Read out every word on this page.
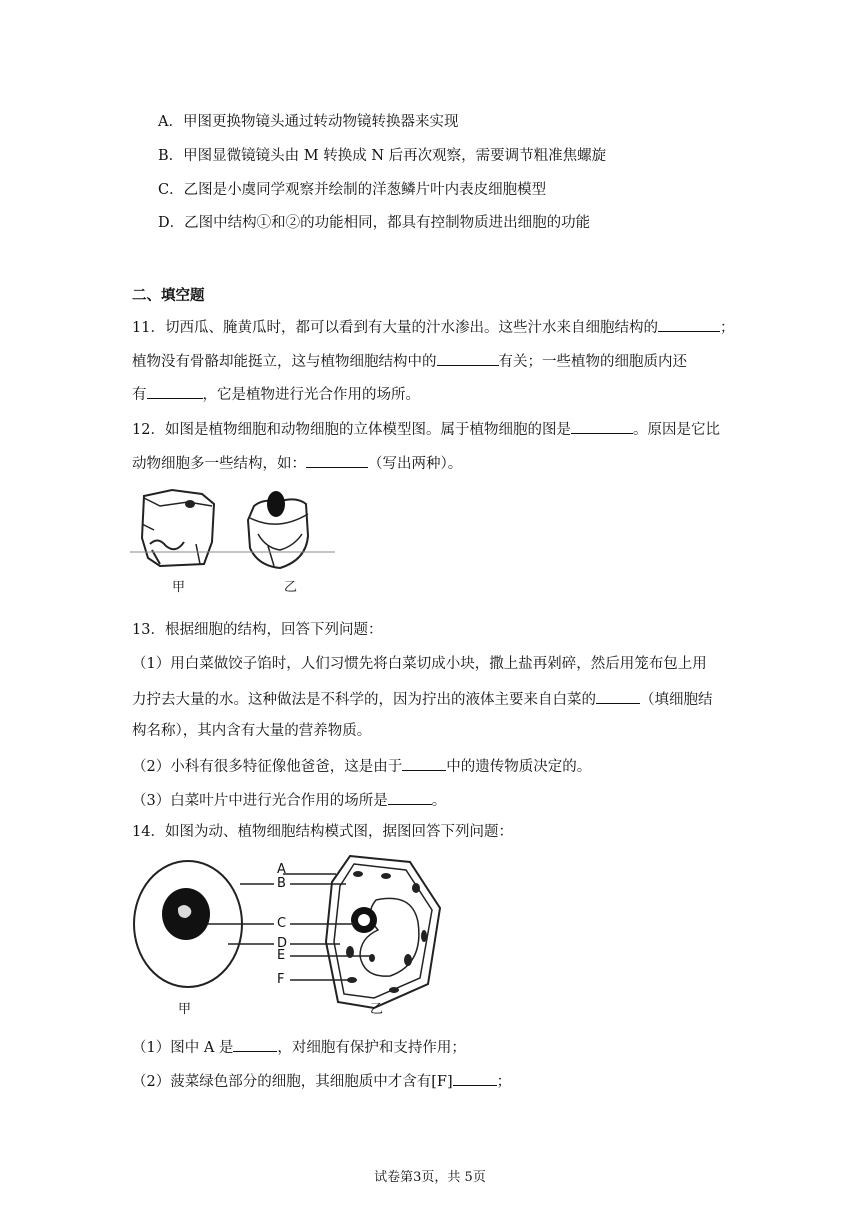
A．甲图更换物镜头通过转动物镜转换器来实现
B．甲图显微镜镜头由 M 转换成 N 后再次观察，需要调节粗准焦螺旋
C．乙图是小虞同学观察并绘制的洋葱鳞片叶内表皮细胞模型
D．乙图中结构①和②的功能相同，都具有控制物质进出细胞的功能
二、填空题
11．切西瓜、腌黄瓜时，都可以看到有大量的汁水渗出。这些汁水来自细胞结构的	；
植物没有骨骼却能挺立，这与植物细胞结构中的	有关；一些植物的细胞质内还
有	，它是植物进行光合作用的场所。
12．如图是植物细胞和动物细胞的立体模型图。属于植物细胞的图是	。原因是它比
动物细胞多一些结构，如：	（写出两种）。
甲	乙
13．根据细胞的结构，回答下列问题：
（1）用白菜做饺子馅时，人们习惯先将白菜切成小块，撒上盐再剁碎，然后用笼布包上用
力拧去大量的水。这种做法是不科学的，因为拧出的液体主要来自白菜的	（填细胞结
构名称），其内含有大量的营养物质。
（2）小科有很多特征像他爸爸，这是由于	中的遗传物质决定的。
（3）白菜叶片中进行光合作用的场所是	。
14．如图为动、植物细胞结构模式图，据图回答下列问题：
A
B
C
D
E
F
甲	乙
（1）图中 A 是	，对细胞有保护和支持作用；
（2）菠菜绿色部分的细胞，其细胞质中才含有[F]	；
试卷第3页，共 5页
